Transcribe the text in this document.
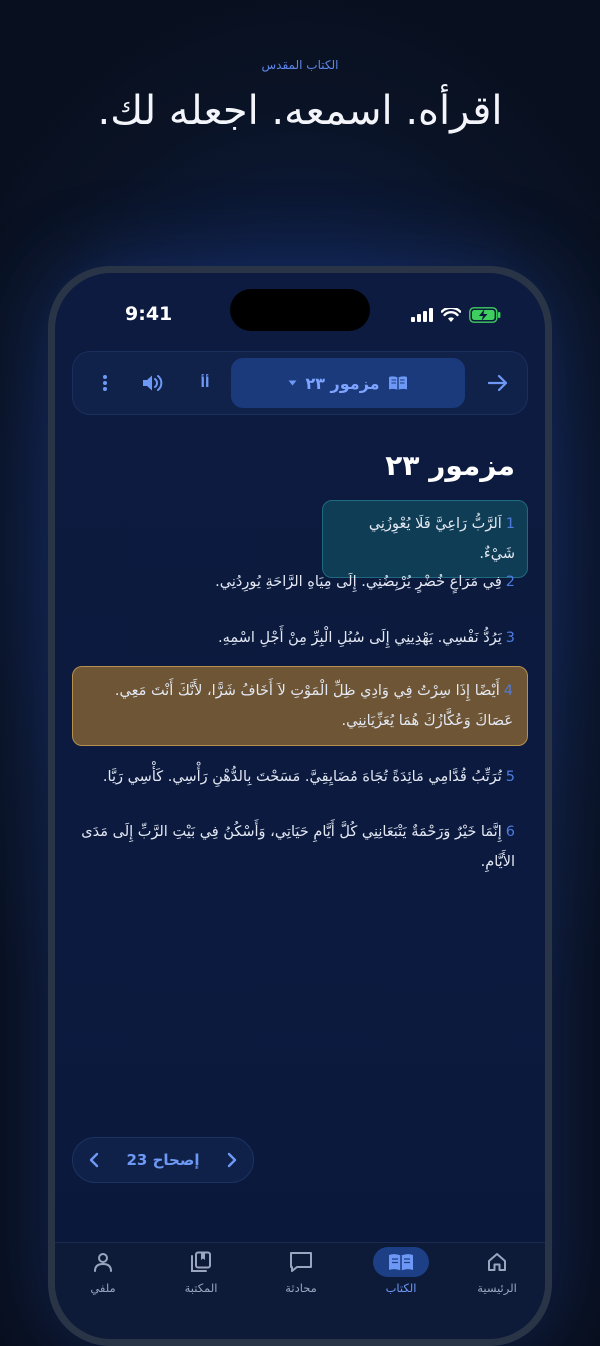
الكتاب المقدس
اقرأه. اسمعه. اجعله لك.
9:41
أأ	مزمور ٢٣
مزمور ٢٣
1اَلرَّبُّ رَاعِيَّ فَلَا يُعْوِزُنِي شَيْءٌ.
2فِي مَرَاعٍ خُضْرٍ يُرْبِضُنِي. إِلَى مِيَاهِ الرَّاحَةِ يُورِدُنِي.
3يَرُدُّ نَفْسِي. يَهْدِينِي إِلَى سُبُلِ الْبِرِّ مِنْ أَجْلِ اسْمِهِ.
4أَيْضًا إِذَا سِرْتُ فِي وَادِي ظِلِّ الْمَوْتِ لاَ أَخَافُ شَرًّا، لأَنَّكَ أَنْتَ مَعِي. عَصَاكَ وَعُكَّازُكَ هُمَا يُعَزِّيَانِنِي.
5تُرَتِّبُ قُدَّامِي مَائِدَةً تُجَاهَ مُضَايِقِيَّ. مَسَحْتَ بِالدُّهْنِ رَأْسِي. كَأْسِي رَيَّا.
6إِنَّمَا خَيْرٌ وَرَحْمَةٌ يَتْبَعَانِنِي كُلَّ أَيَّامِ حَيَاتِي، وَأَسْكُنُ فِي بَيْتِ الرَّبِّ إِلَى مَدَى الأَيَّامِ.
إصحاح 23
الرئيسية
الكتاب
محادثة
المكتبة
ملفي
